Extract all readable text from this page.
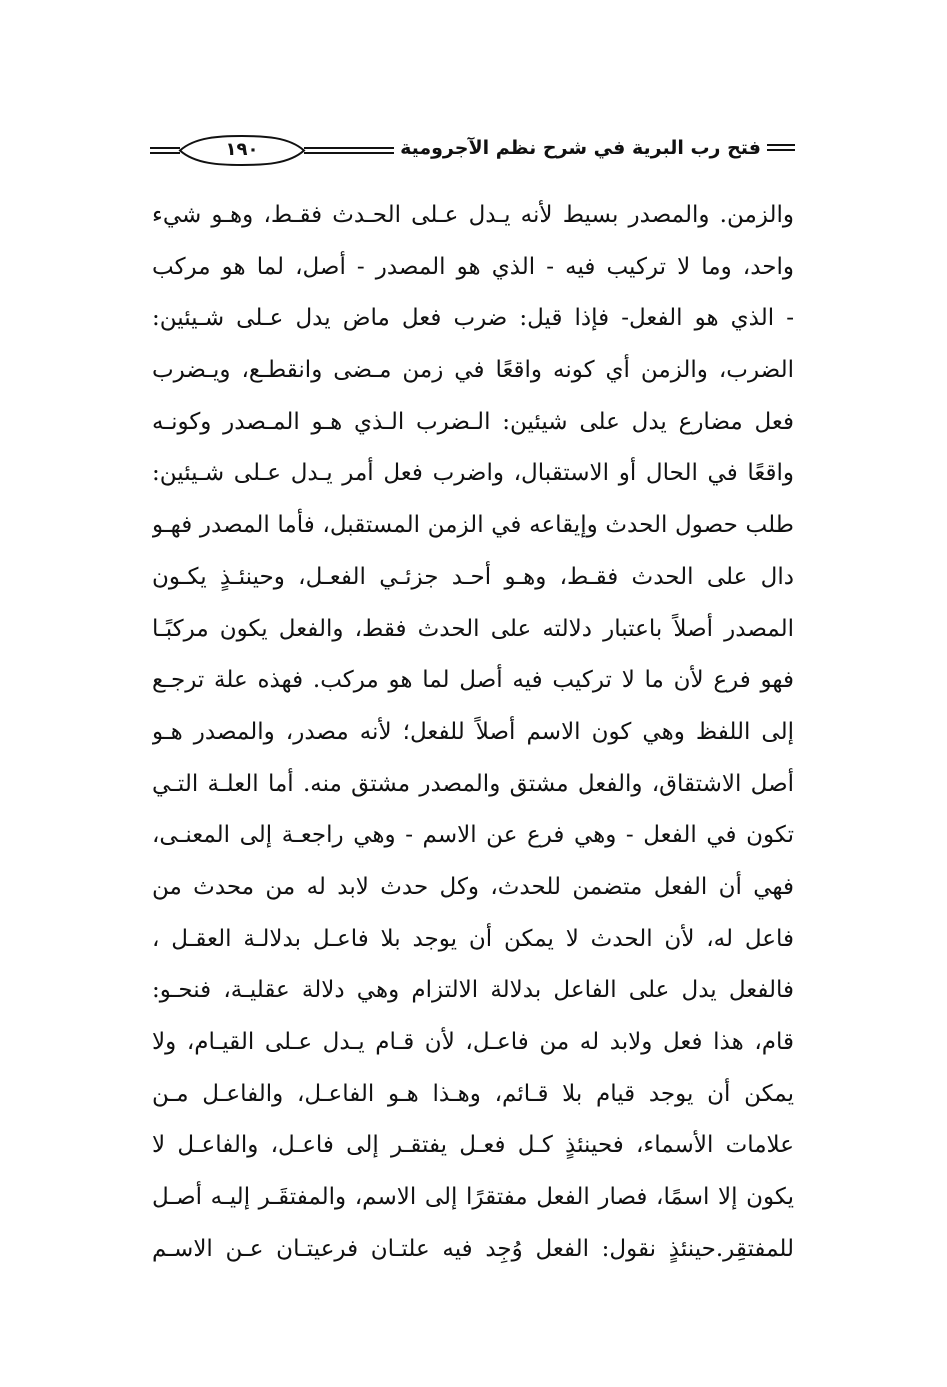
فتح رب البرية في شرح نظم الآجرومية
١٩٠
والزمن. والمصدر بسيط لأنه يـدل عـلى الحـدث فقـط، وهـو شيء
واحد، وما لا تركيب فيه - الذي هو المصدر - أصل، لما هو مركب
- الذي هو الفعل- فإذا قيل: ضرب فعل ماض يدل عـلى شـيئين:
الضرب، والزمن أي كونه واقعًا في زمن مـضى وانقطـع، ويـضرب
فعل مضارع يدل على شيئين: الـضرب الـذي هـو المـصدر وكونـه
واقعًا في الحال أو الاستقبال، واضرب فعل أمر يـدل عـلى شـيئين:
طلب حصول الحدث وإيقاعه في الزمن المستقبل، فأما المصدر فهـو
دال على الحدث فقـط، وهـو أحـد جزئـي الفعـل، وحينئـذٍ يكـون
المصدر أصلاً باعتبار دلالته على الحدث فقط، والفعل يكون مركبًـا
فهو فرع لأن ما لا تركيب فيه أصل لما هو مركب. فهذه علة ترجـع
إلى اللفظ وهي كون الاسم أصلاً للفعل؛ لأنه مصدر، والمصدر هـو
أصل الاشتقاق، والفعل مشتق والمصدر مشتق منه. أما العلـة التـي
تكون في الفعل - وهي فرع عن الاسم - وهي راجعـة إلى المعنـى،
فهي أن الفعل متضمن للحدث، وكل حدث لابد له من محدث من
فاعل له، لأن الحدث لا يمكن أن يوجد بلا فاعـل بدلالـة العقـل ،
فالفعل يدل على الفاعل بدلالة الالتزام وهي دلالة عقليـة، فنحـو:
قام، هذا فعل ولابد له من فاعـل، لأن قـام يـدل عـلى القيـام، ولا
يمكن أن يوجد قيام بلا قـائم، وهـذا هـو الفاعـل، والفاعـل مـن
علامات الأسماء، فحينئذٍ كـل فعـل يفتقـر إلى فاعـل، والفاعـل لا
يكون إلا اسمًا، فصار الفعل مفتقرًا إلى الاسم، والمفتقَـر إليـه أصـل
للمفتقِر.حينئذٍ نقول: الفعل وُجِد فيه علتـان فرعيتـان عـن الاسـم
